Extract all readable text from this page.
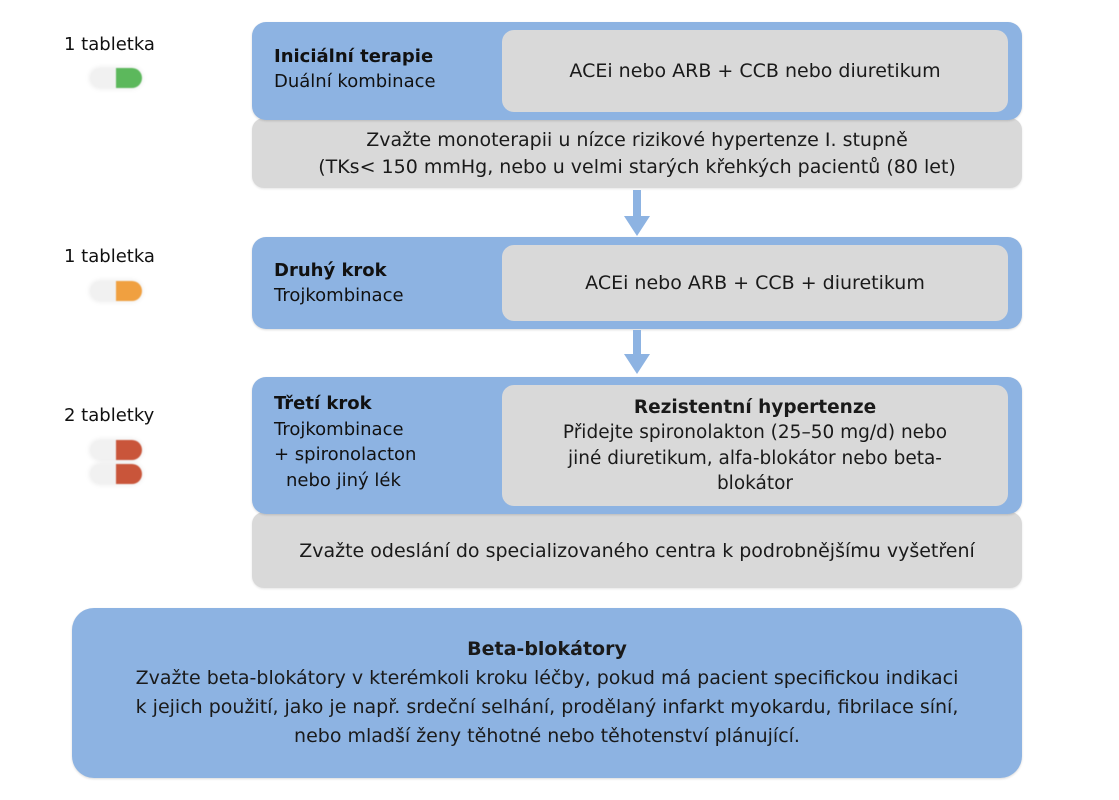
1 tabletka
Zvažte monoterapii u nízce rizikové hypertenze I. stupně
(TKs< 150 mmHg, nebo u velmi starých křehkých pacientů (80 let)
Iniciální terapie
Duální kombinace	ACEi nebo ARB + CCB nebo diuretikum
1 tabletka
Druhý krok
Trojkombinace
ACEi nebo ARB + CCB + diuretikum
2 tabletky
Zvažte odeslání do specializovaného centra k podrobnějšímu vyšetření
Třetí krok
Trojkombinace
+ spironolacton
nebo jiný lék
Rezistentní hypertenze
Přidejte spironolakton (25–50 mg/d) nebo
jiné diuretikum, alfa-blokátor nebo beta-
blokátor
Beta-blokátory
Zvažte beta-blokátory v kterémkoli kroku léčby, pokud má pacient specifickou indikaci
k jejich použití, jako je např. srdeční selhání, prodělaný infarkt myokardu, fibrilace síní,
nebo mladší ženy těhotné nebo těhotenství plánující.
